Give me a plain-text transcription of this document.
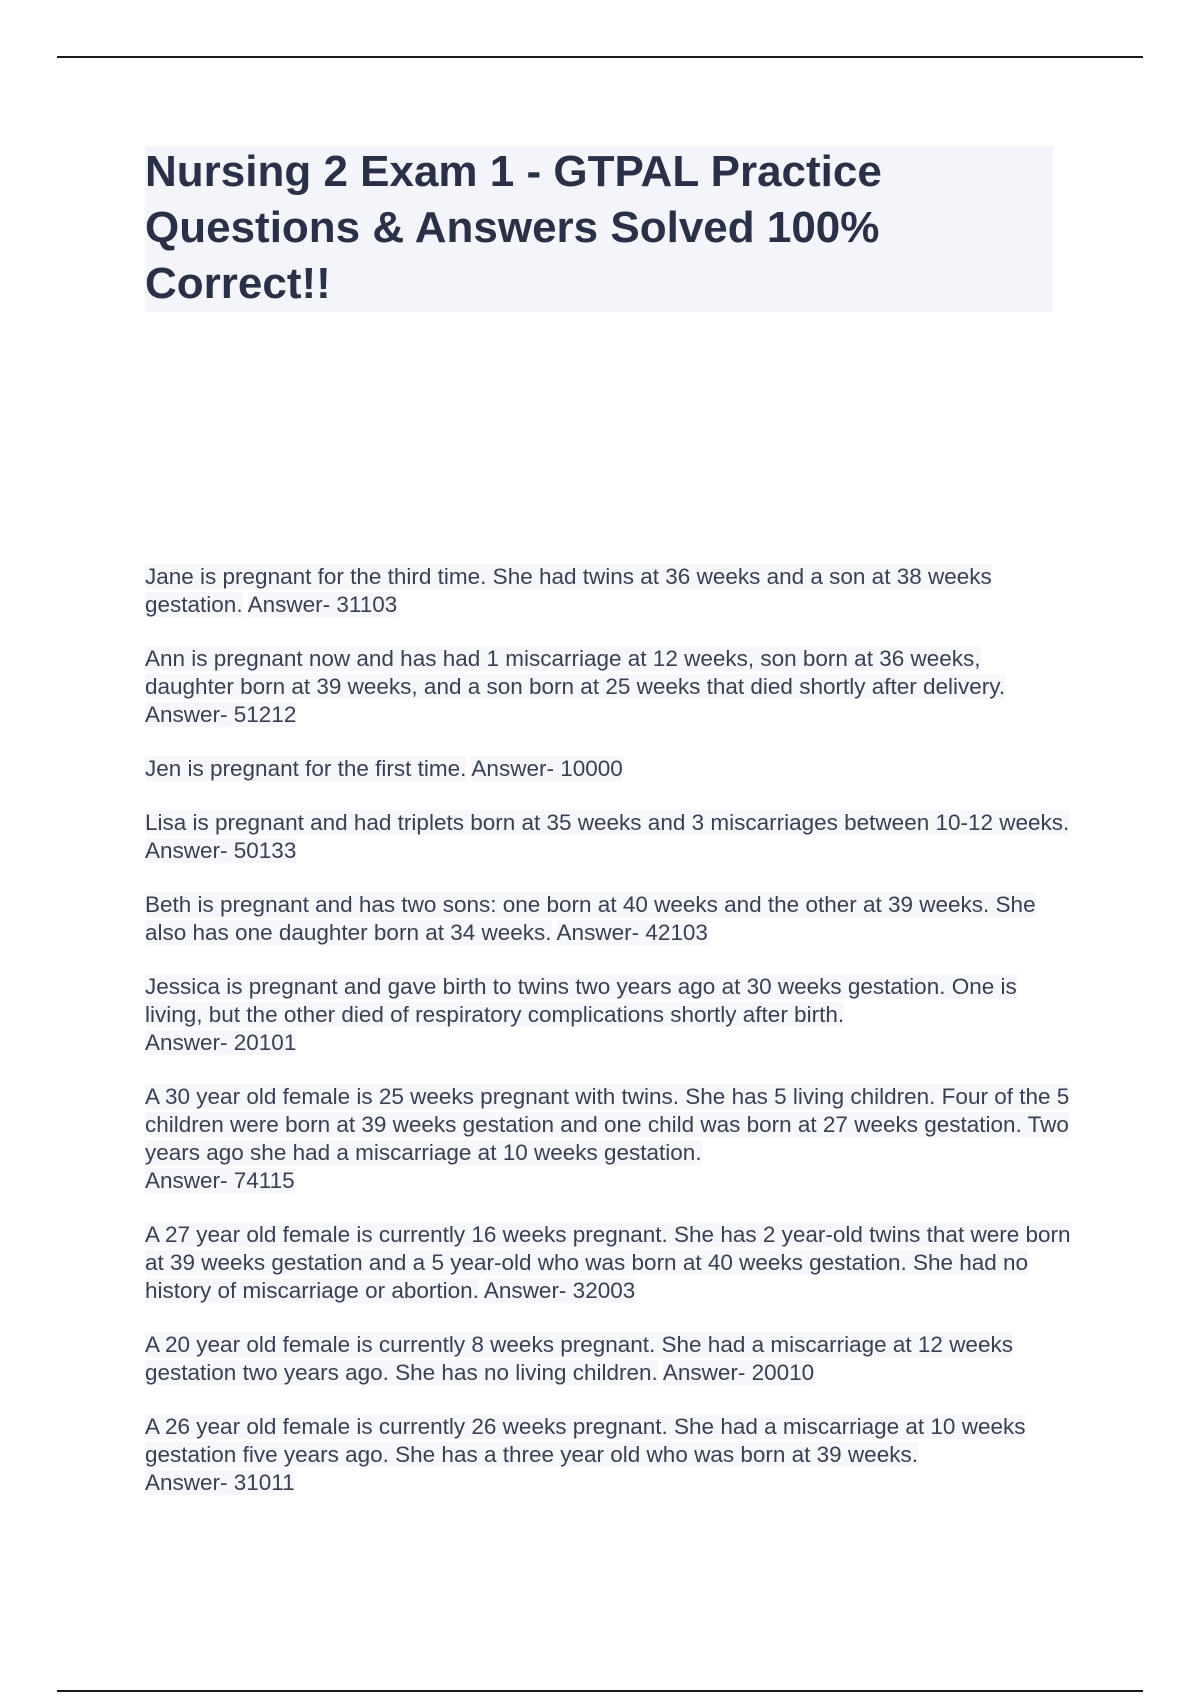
Nursing 2 Exam 1 - GTPAL Practice
Questions & Answers Solved 100%
Correct!!
Jane is pregnant for the third time. She had twins at 36 weeks and a son at 38 weeks gestation. Answer- 31103
Ann is pregnant now and has had 1 miscarriage at 12 weeks, son born at 36 weeks, daughter born at 39 weeks, and a son born at 25 weeks that died shortly after delivery. Answer- 51212
Jen is pregnant for the first time. Answer- 10000
Lisa is pregnant and had triplets born at 35 weeks and 3 miscarriages between 10-12 weeks. Answer- 50133
Beth is pregnant and has two sons: one born at 40 weeks and the other at 39 weeks. She also has one daughter born at 34 weeks. Answer- 42103
Jessica is pregnant and gave birth to twins two years ago at 30 weeks gestation. One is living, but the other died of respiratory complications shortly after birth.
Answer- 20101
A 30 year old female is 25 weeks pregnant with twins. She has 5 living children. Four of the 5 children were born at 39 weeks gestation and one child was born at 27 weeks gestation. Two years ago she had a miscarriage at 10 weeks gestation.
Answer- 74115
A 27 year old female is currently 16 weeks pregnant. She has 2 year-old twins that were born at 39 weeks gestation and a 5 year-old who was born at 40 weeks gestation. She had no history of miscarriage or abortion. Answer- 32003
A 20 year old female is currently 8 weeks pregnant. She had a miscarriage at 12 weeks gestation two years ago. She has no living children. Answer- 20010
A 26 year old female is currently 26 weeks pregnant. She had a miscarriage at 10 weeks gestation five years ago. She has a three year old who was born at 39 weeks.
Answer- 31011
